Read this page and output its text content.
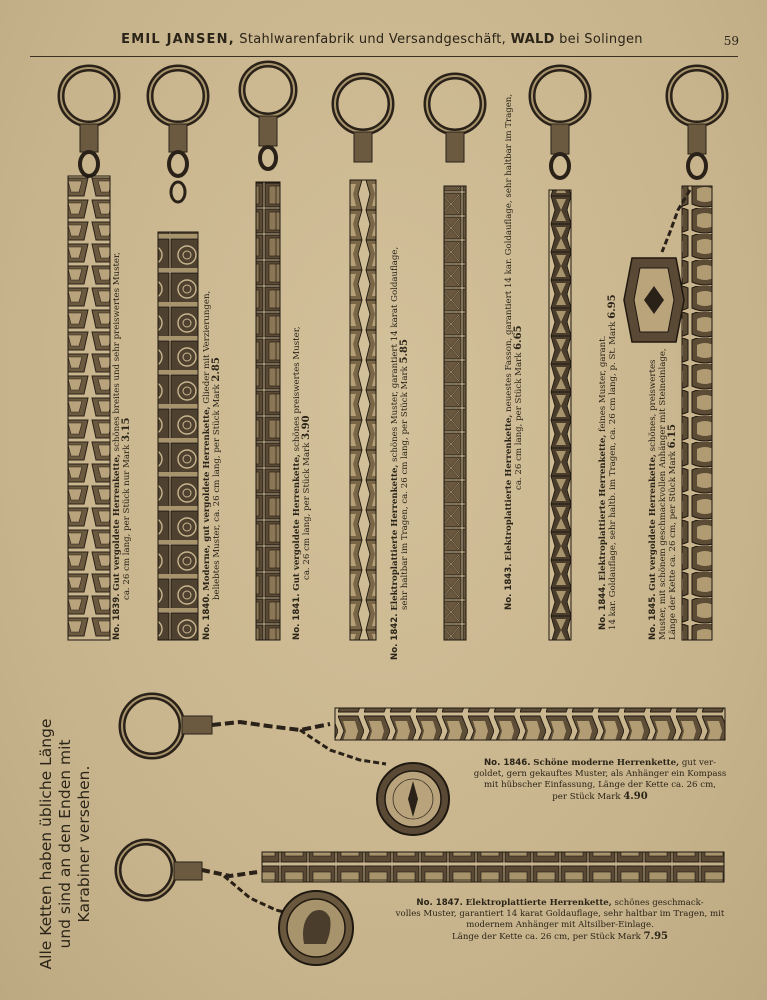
EMIL JANSEN, Stahlwarenfabrik und Versandgeschäft, WALD bei Solingen	59
No. 1839. Gut vergoldete Herrenkette, schönes breites und sehr preiswertes Muster,
ca. 26 cm lang, per Stück nur Mark 3.15
No. 1840. Moderne, gut vergoldete Herrenkette, Glieder mit Verzierungen,
beliebtes Muster, ca. 26 cm lang, per Stück Mark 2.85
No. 1841. Gut vergoldete Herrenkette, schönes preiswertes Muster,
ca. 26 cm lang, per Stück Mark 3.90
No. 1842. Elektroplattierte Herrenkette, schönes Muster, garantiert 14 karat Goldauflage,
sehr haltbar im Tragen, ca. 26 cm lang, per Stück Mark 5.85
No. 1843. Elektroplattierte Herrenkette, neuestes Fasson, garantiert 14 kar. Goldauflage, sehr haltbar im Tragen,
ca. 26 cm lang, per Stück Mark 6.65
No. 1844. Elektroplattierte Herrenkette, feines Muster, garant. 14 kar. Goldauflage, sehr haltb. im Tragen, ca. 26 cm lang, p. St. Mark 6.95
No. 1845. Gut vergoldete Herrenkette, schönes, preiswertes Muster, mit schönem geschmackvollen Anhänger mit Steineinlage, Länge der Kette ca. 26 cm, per Stück Mark 6.15
No. 1846. Schöne moderne Herrenkette, gut ver-
goldet, gern gekauftes Muster, als Anhänger ein Kompass
mit hübscher Einfassung, Länge der Kette ca. 26 cm,
per Stück Mark 4.90
No. 1847. Elektroplattierte Herrenkette, schönes geschmack-
volles Muster, garantiert 14 karat Goldauflage, sehr haltbar im Tragen, mit
modernem Anhänger mit Altsilber-Einlage.
Länge der Kette ca. 26 cm, per Stück Mark 7.95
Alle Ketten haben übliche Länge und sind an den Enden mit Karabiner versehen.
